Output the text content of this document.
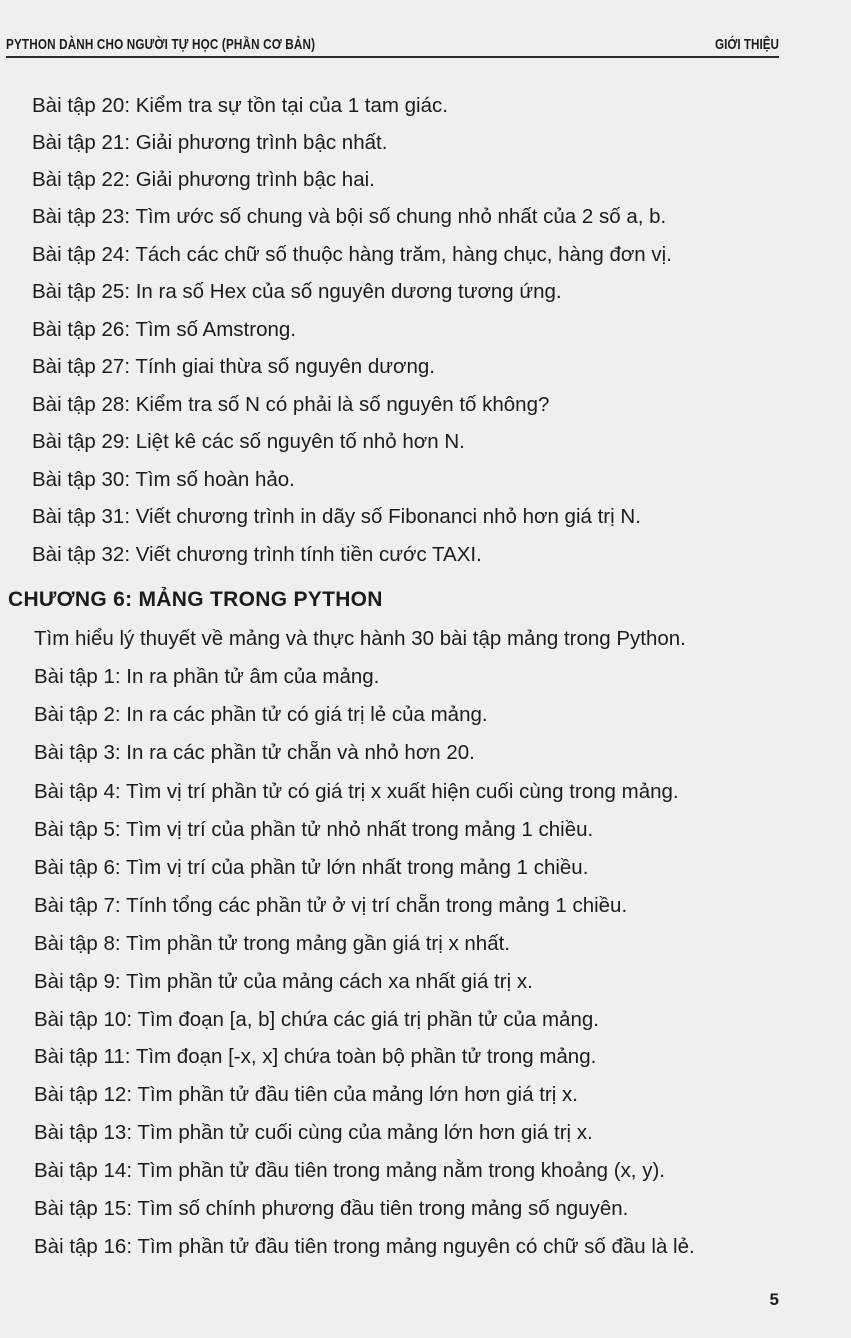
PYTHON DÀNH CHO NGƯỜI TỰ HỌC (PHẦN CƠ BẢN)	GIỚI THIỆU
Bài tập 20: Kiểm tra sự tồn tại của 1 tam giác.
Bài tập 21: Giải phương trình bậc nhất.
Bài tập 22: Giải phương trình bậc hai.
Bài tập 23: Tìm ước số chung và bội số chung nhỏ nhất của 2 số a, b.
Bài tập 24: Tách các chữ số thuộc hàng trăm, hàng chục, hàng đơn vị.
Bài tập 25: In ra số Hex của số nguyên dương tương ứng.
Bài tập 26: Tìm số Amstrong.
Bài tập 27: Tính giai thừa số nguyên dương.
Bài tập 28: Kiểm tra số N có phải là số nguyên tố không?
Bài tập 29: Liệt kê các số nguyên tố nhỏ hơn N.
Bài tập 30: Tìm số hoàn hảo.
Bài tập 31: Viết chương trình in dãy số Fibonanci nhỏ hơn giá trị N.
Bài tập 32: Viết chương trình tính tiền cước TAXI.
CHƯƠNG 6: MẢNG TRONG PYTHON
Tìm hiểu lý thuyết về mảng và thực hành 30 bài tập mảng trong Python.
Bài tập 1: In ra phần tử âm của mảng.
Bài tập 2: In ra các phần tử có giá trị lẻ của mảng.
Bài tập 3: In ra các phần tử chẵn và nhỏ hơn 20.
Bài tập 4: Tìm vị trí phần tử có giá trị x xuất hiện cuối cùng trong mảng.
Bài tập 5: Tìm vị trí của phần tử nhỏ nhất trong mảng 1 chiều.
Bài tập 6: Tìm vị trí của phần tử lớn nhất trong mảng 1 chiều.
Bài tập 7: Tính tổng các phần tử ở vị trí chẵn trong mảng 1 chiều.
Bài tập 8: Tìm phần tử trong mảng gần giá trị x nhất.
Bài tập 9: Tìm phần tử của mảng cách xa nhất giá trị x.
Bài tập 10: Tìm đoạn [a, b] chứa các giá trị phần tử của mảng.
Bài tập 11: Tìm đoạn [-x, x] chứa toàn bộ phần tử trong mảng.
Bài tập 12: Tìm phần tử đầu tiên của mảng lớn hơn giá trị x.
Bài tập 13: Tìm phần tử cuối cùng của mảng lớn hơn giá trị x.
Bài tập 14: Tìm phần tử đầu tiên trong mảng nằm trong khoảng (x, y).
Bài tập 15: Tìm số chính phương đầu tiên trong mảng số nguyên.
Bài tập 16: Tìm phần tử đầu tiên trong mảng nguyên có chữ số đầu là lẻ.
5
